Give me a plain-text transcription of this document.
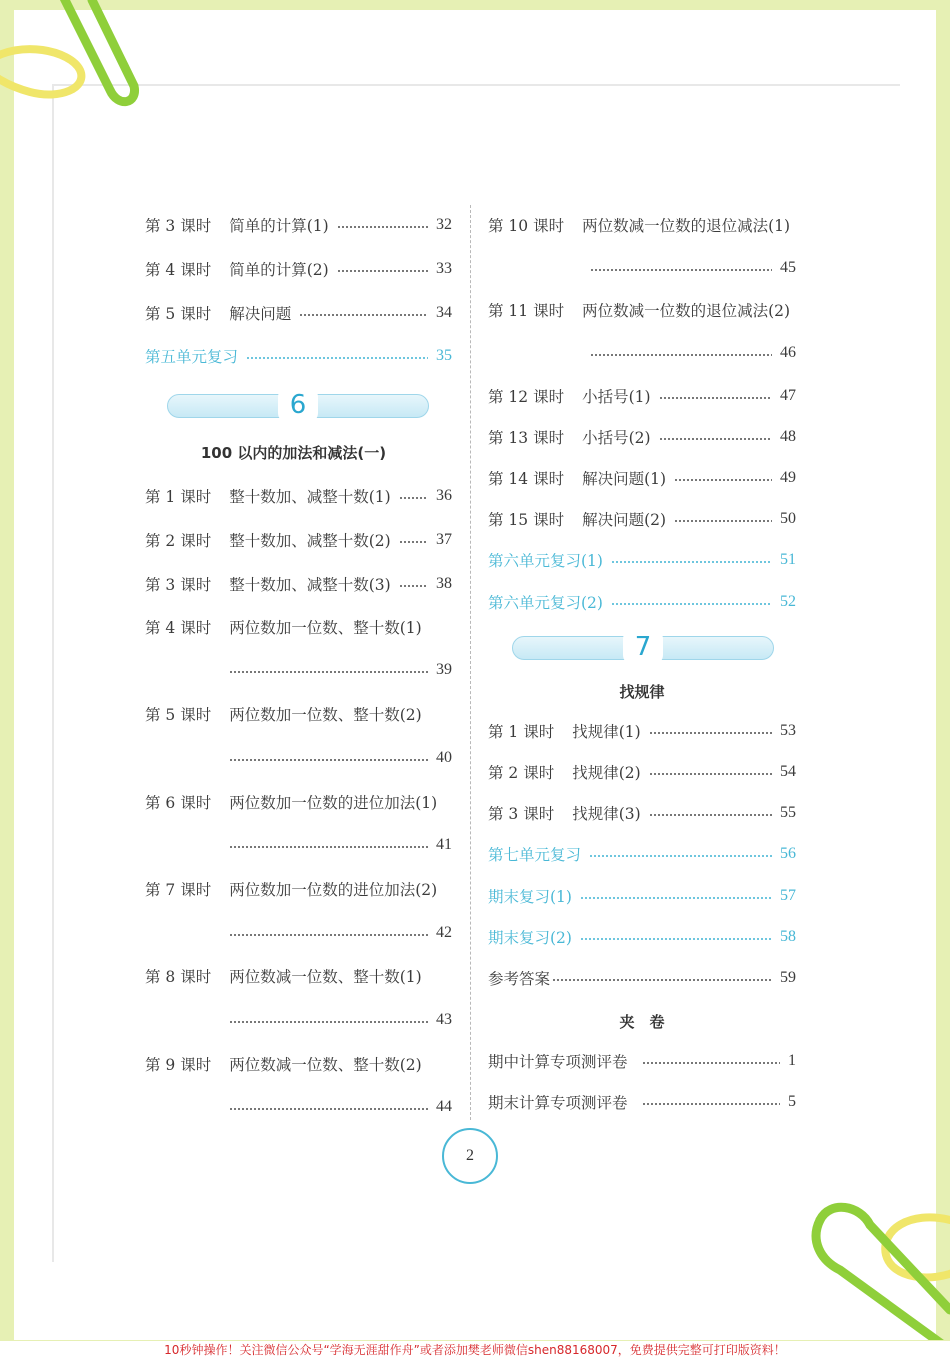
第 3 课时 简单的计算(1)	32
第 4 课时 简单的计算(2)	33
第 5 课时 解决问题	34
第五单元复习	35
6
100 以内的加法和减法(一)
第 1 课时 整十数加、减整十数(1)	36
第 2 课时 整十数加、减整十数(2)	37
第 3 课时 整十数加、减整十数(3)	38
第 4 课时 两位数加一位数、整十数(1)
39
第 5 课时 两位数加一位数、整十数(2)
40
第 6 课时 两位数加一位数的进位加法(1)
41
第 7 课时 两位数加一位数的进位加法(2)
42
第 8 课时 两位数减一位数、整十数(1)
43
第 9 课时 两位数减一位数、整十数(2)
44
第 10 课时 两位数减一位数的退位减法(1)
45
第 11 课时 两位数减一位数的退位减法(2)
46
第 12 课时 小括号(1)	47
第 13 课时 小括号(2)	48
第 14 课时 解决问题(1)	49
第 15 课时 解决问题(2)	50
第六单元复习(1)	51
第六单元复习(2)	52
7
找规律
第 1 课时 找规律(1)	53
第 2 课时 找规律(2)	54
第 3 课时 找规律(3)	55
第七单元复习	56
期末复习(1)	57
期末复习(2)	58
参考答案	59
夹　卷
期中计算专项测评卷	1
期末计算专项测评卷	5
2
10秒钟操作！关注微信公众号“学海无涯甜作舟”或者添加樊老师微信shen88168007，免费提供完整可打印版资料！
